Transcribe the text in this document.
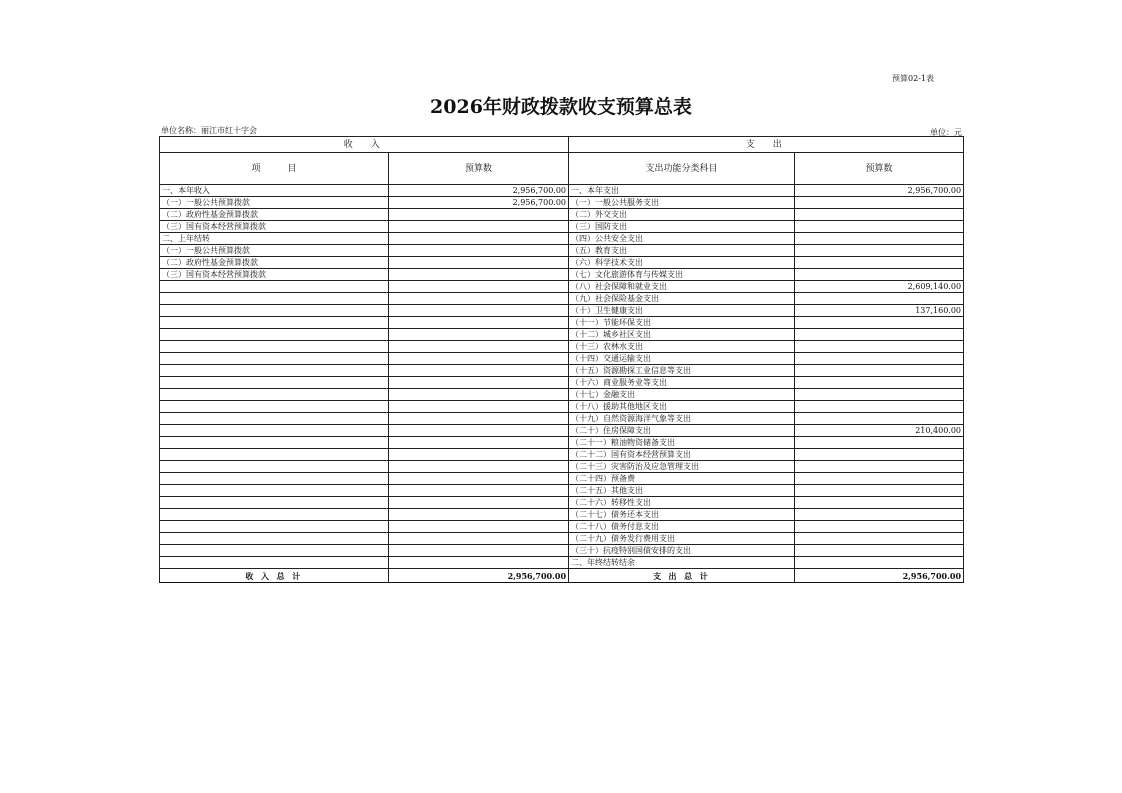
预算02-1表
2026年财政拨款收支预算总表
单位名称：丽江市红十字会	单位：元
收　入		支　出	
项　　　目	预算数	支出功能分类科目	预算数
一、本年收入	2,956,700.00	一、本年支出	2,956,700.00
（一）一般公共预算拨款	2,956,700.00	（一）一般公共服务支出	
（二）政府性基金预算拨款		（二）外交支出	
（三）国有资本经营预算拨款		（三）国防支出	
二、上年结转		（四）公共安全支出	
（一）一般公共预算拨款		（五）教育支出	
（二）政府性基金预算拨款		（六）科学技术支出	
（三）国有资本经营预算拨款		（七）文化旅游体育与传媒支出	
		（八）社会保障和就业支出	2,609,140.00
		（九）社会保险基金支出	
		（十）卫生健康支出	137,160.00
		（十一）节能环保支出	
		（十二）城乡社区支出	
		（十三）农林水支出	
		（十四）交通运输支出	
		（十五）资源勘探工业信息等支出	
		（十六）商业服务业等支出	
		（十七）金融支出	
		（十八）援助其他地区支出	
		（十九）自然资源海洋气象等支出	
		（二十）住房保障支出	210,400.00
		（二十一）粮油物资储备支出	
		（二十二）国有资本经营预算支出	
		（二十三）灾害防治及应急管理支出	
		（二十四）预备费	
		（二十五）其他支出	
		（二十六）转移性支出	
		（二十七）债务还本支出	
		（二十八）债务付息支出	
		（二十九）债务发行费用支出	
		（三十）抗疫特别国债安排的支出	
		二、年终结转结余	
收 入 总 计	2,956,700.00	支 出 总 计	2,956,700.00
